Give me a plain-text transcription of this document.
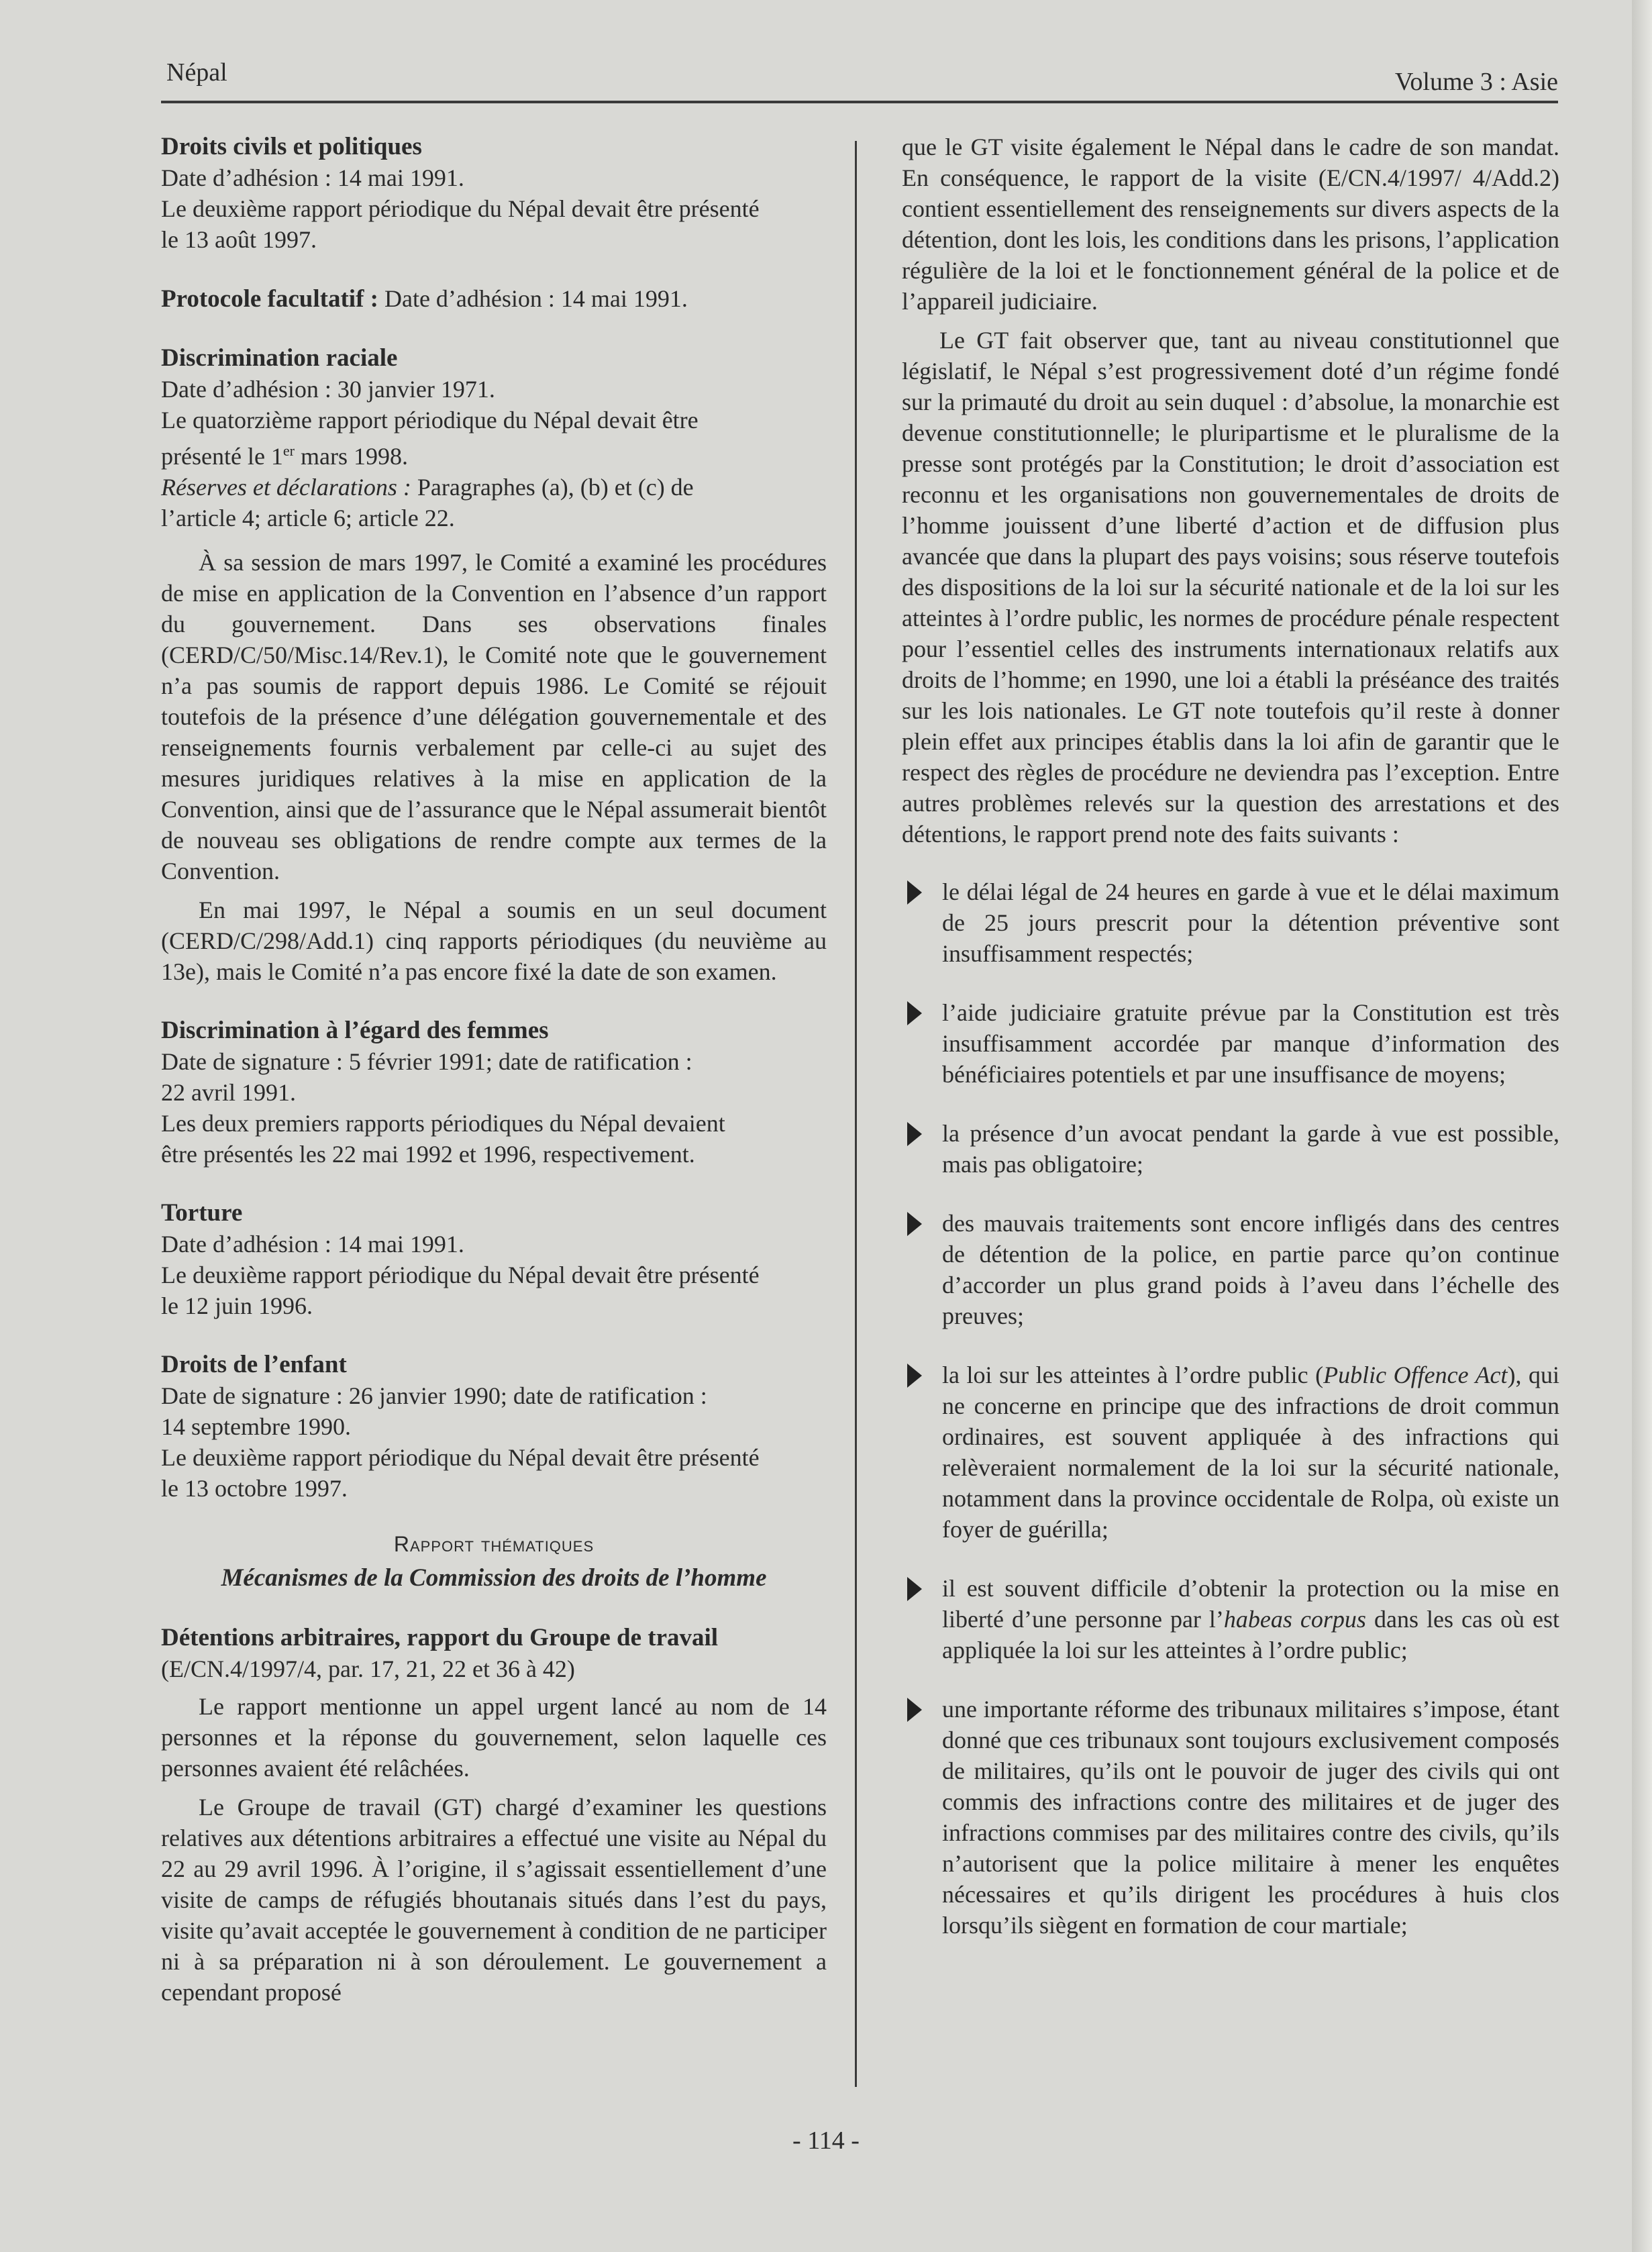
Népal	Volume 3 : Asie
Droits civils et politiques
Date d’adhésion : 14 mai 1991.
Le deuxième rapport périodique du Népal devait être présenté
le 13 août 1997.
Protocole facultatif : Date d’adhésion : 14 mai 1991.
Discrimination raciale
Date d’adhésion : 30 janvier 1971.
Le quatorzième rapport périodique du Népal devait être
présenté le 1er mars 1998.
Réserves et déclarations : Paragraphes (a), (b) et (c) de
l’article 4; article 6; article 22.

À sa session de mars 1997, le Comité a examiné les procédures de mise en application de la Convention en l’absence d’un rapport du gouvernement. Dans ses observations finales (CERD/C/50/Misc.14/Rev.1), le Comité note que le gouvernement n’a pas soumis de rapport depuis 1986. Le Comité se réjouit toutefois de la présence d’une délégation gouvernementale et des renseignements fournis verbalement par celle-ci au sujet des mesures juridiques relatives à la mise en application de la Convention, ainsi que de l’assurance que le Népal assumerait bientôt de nouveau ses obligations de rendre compte aux termes de la Convention.

En mai 1997, le Népal a soumis en un seul document (CERD/C/298/Add.1) cinq rapports périodiques (du neuvième au 13e), mais le Comité n’a pas encore fixé la date de son examen.

Discrimination à l’égard des femmes
Date de signature : 5 février 1991; date de ratification :
22 avril 1991.
Les deux premiers rapports périodiques du Népal devaient
être présentés les 22 mai 1992 et 1996, respectivement.
Torture
Date d’adhésion : 14 mai 1991.
Le deuxième rapport périodique du Népal devait être présenté
le 12 juin 1996.
Droits de l’enfant
Date de signature : 26 janvier 1990; date de ratification :
14 septembre 1990.
Le deuxième rapport périodique du Népal devait être présenté
le 13 octobre 1997.
Rapport thématiques
Mécanismes de la Commission des droits de l’homme
Détentions arbitraires, rapport du Groupe de travail
(E/CN.4/1997/4, par. 17, 21, 22 et 36 à 42)

Le rapport mentionne un appel urgent lancé au nom de 14 personnes et la réponse du gouvernement, selon laquelle ces personnes avaient été relâchées.

Le Groupe de travail (GT) chargé d’examiner les questions relatives aux détentions arbitraires a effectué une visite au Népal du 22 au 29 avril 1996. À l’origine, il s’agissait essentiellement d’une visite de camps de réfugiés bhoutanais situés dans l’est du pays, visite qu’avait acceptée le gouvernement à condition de ne participer ni à sa préparation ni à son déroulement. Le gouvernement a cependant proposé

que le GT visite également le Népal dans le cadre de son mandat. En conséquence, le rapport de la visite (E/CN.4/1997/ 4/Add.2) contient essentiellement des renseignements sur divers aspects de la détention, dont les lois, les conditions dans les prisons, l’application régulière de la loi et le fonctionnement général de la police et de l’appareil judiciaire.

Le GT fait observer que, tant au niveau constitutionnel que législatif, le Népal s’est progressivement doté d’un régime fondé sur la primauté du droit au sein duquel : d’absolue, la monarchie est devenue constitutionnelle; le pluripartisme et le pluralisme de la presse sont protégés par la Constitution; le droit d’association est reconnu et les organisations non gouvernementales de droits de l’homme jouissent d’une liberté d’action et de diffusion plus avancée que dans la plupart des pays voisins; sous réserve toutefois des dispositions de la loi sur la sécurité nationale et de la loi sur les atteintes à l’ordre public, les normes de procédure pénale respectent pour l’essentiel celles des instruments internationaux relatifs aux droits de l’homme; en 1990, une loi a établi la préséance des traités sur les lois nationales. Le GT note toutefois qu’il reste à donner plein effet aux principes établis dans la loi afin de garantir que le respect des règles de procédure ne deviendra pas l’exception. Entre autres problèmes relevés sur la question des arrestations et des détentions, le rapport prend note des faits suivants :

le délai légal de 24 heures en garde à vue et le délai maximum de 25 jours prescrit pour la détention préventive sont insuffisamment respectés;
l’aide judiciaire gratuite prévue par la Constitution est très insuffisamment accordée par manque d’information des bénéficiaires potentiels et par une insuffisance de moyens;
la présence d’un avocat pendant la garde à vue est possible, mais pas obligatoire;
des mauvais traitements sont encore infligés dans des centres de détention de la police, en partie parce qu’on continue d’accorder un plus grand poids à l’aveu dans l’échelle des preuves;
la loi sur les atteintes à l’ordre public (Public Offence Act), qui ne concerne en principe que des infractions de droit commun ordinaires, est souvent appliquée à des infractions qui relèveraient normalement de la loi sur la sécurité nationale, notamment dans la province occidentale de Rolpa, où existe un foyer de guérilla;
il est souvent difficile d’obtenir la protection ou la mise en liberté d’une personne par l’habeas corpus dans les cas où est appliquée la loi sur les atteintes à l’ordre public;
une importante réforme des tribunaux militaires s’impose, étant donné que ces tribunaux sont toujours exclusivement composés de militaires, qu’ils ont le pouvoir de juger des civils qui ont commis des infractions contre des militaires et de juger des infractions commises par des militaires contre des civils, qu’ils n’autorisent que la police militaire à mener les enquêtes nécessaires et qu’ils dirigent les procédures à huis clos lorsqu’ils siègent en formation de cour martiale;
- 114 -
